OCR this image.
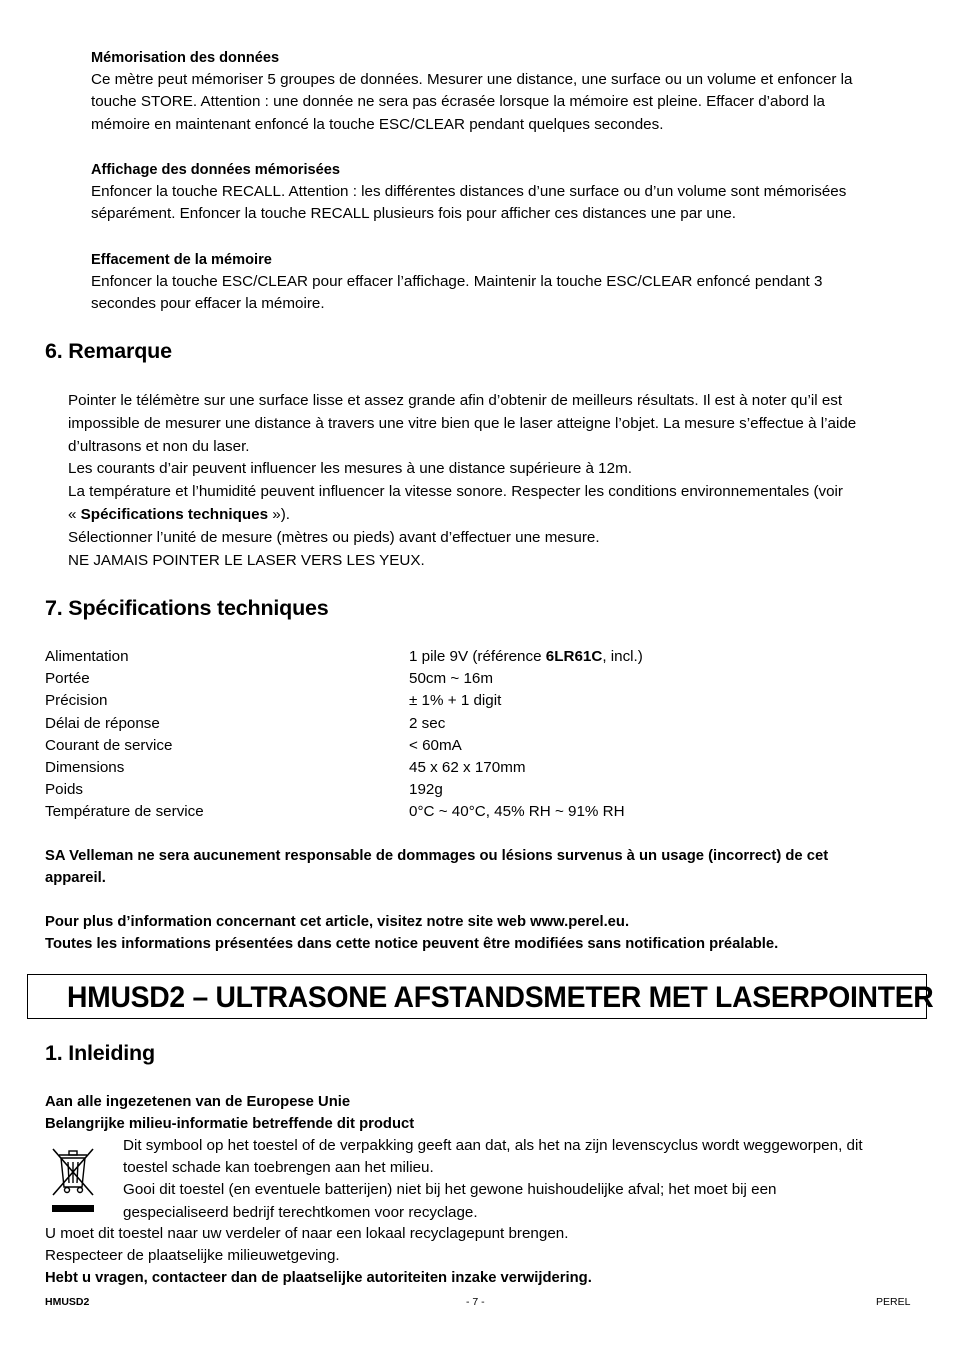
Mémorisation des données
Ce mètre peut mémoriser 5 groupes de données. Mesurer une distance, une surface ou un volume et enfoncer la
touche STORE. Attention : une donnée ne sera pas écrasée lorsque la mémoire est pleine. Effacer d’abord la
mémoire en maintenant enfoncé la touche ESC/CLEAR pendant quelques secondes.
Affichage des données mémorisées
Enfoncer la touche RECALL. Attention : les différentes distances d’une surface ou d’un volume sont mémorisées
séparément. Enfoncer la touche RECALL plusieurs fois pour afficher ces distances une par une.
Effacement de la mémoire
Enfoncer la touche ESC/CLEAR pour effacer l’affichage. Maintenir la touche ESC/CLEAR enfoncé pendant 3
secondes pour effacer la mémoire.
6. Remarque

Pointer le télémètre sur une surface lisse et assez grande afin d’obtenir de meilleurs résultats. Il est à noter qu’il est

impossible de mesurer une distance à travers une vitre bien que le laser atteigne l’objet. La mesure s’effectue à l’aide

d’ultrasons et non du laser.

Les courants d’air peuvent influencer les mesures à une distance supérieure à 12m.

La température et l’humidité peuvent influencer la vitesse sonore. Respecter les conditions environnementales (voir

« Spécifications techniques »).

Sélectionner l’unité de mesure (mètres ou pieds) avant d’effectuer une mesure.

NE JAMAIS POINTER LE LASER VERS LES YEUX.

7. Spécifications techniques
Alimentation	1 pile 9V (référence 6LR61C, incl.)
Portée	50cm ~ 16m
Précision	± 1% + 1 digit
Délai de réponse	2 sec
Courant de service	< 60mA
Dimensions	45 x 62 x 170mm
Poids	192g
Température de service	0°C ~ 40°C, 45% RH ~ 91% RH
SA Velleman ne sera aucunement responsable de dommages ou lésions survenus à un usage (incorrect) de cet
appareil.
Pour plus d’information concernant cet article, visitez notre site web www.perel.eu.
Toutes les informations présentées dans cette notice peuvent être modifiées sans notification préalable.
HMUSD2 – ULTRASONE AFSTANDSMETER MET LASERPOINTER
1. Inleiding
Aan alle ingezetenen van de Europese Unie
Belangrijke milieu-informatie betreffende dit product
Dit symbool op het toestel of de verpakking geeft aan dat, als het na zijn levenscyclus wordt weggeworpen, dit
toestel schade kan toebrengen aan het milieu.
Gooi dit toestel (en eventuele batterijen) niet bij het gewone huishoudelijke afval; het moet bij een
gespecialiseerd bedrijf terechtkomen voor recyclage.
U moet dit toestel naar uw verdeler of naar een lokaal recyclagepunt brengen.
Respecteer de plaatselijke milieuwetgeving.
Hebt u vragen, contacteer dan de plaatselijke autoriteiten inzake verwijdering.
HMUSD2	- 7 -	PEREL
